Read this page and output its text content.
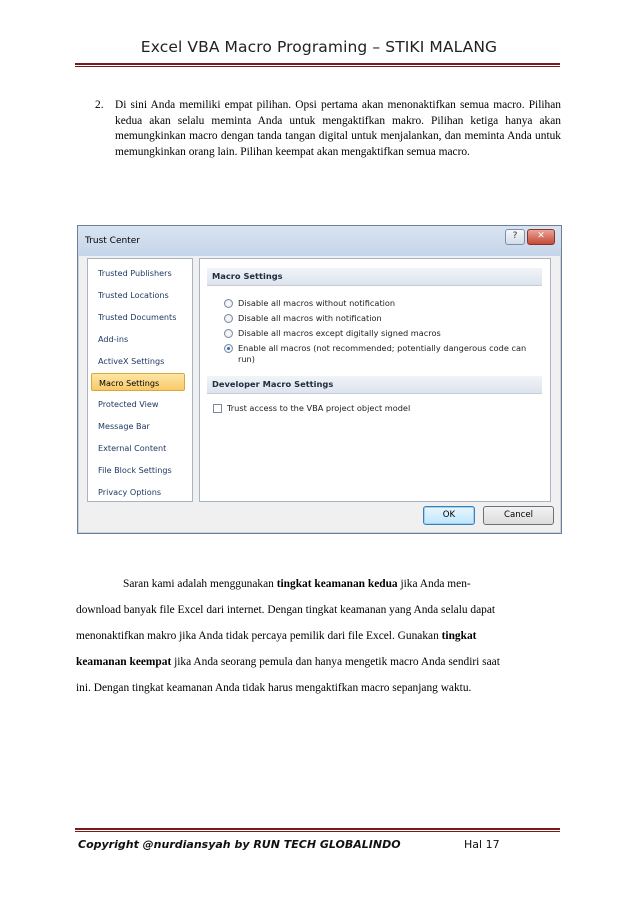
Excel VBA Macro Programing – STIKI MALANG
2. Di sini Anda memiliki empat pilihan. Opsi pertama akan menonaktifkan semua macro. Pilihan kedua akan selalu meminta Anda untuk mengaktifkan makro. Pilihan ketiga hanya akan memungkinkan macro dengan tanda tangan digital untuk menjalankan, dan meminta Anda untuk memungkinkan orang lain. Pilihan keempat akan mengaktifkan semua macro.
Trust Center	?	✕
Trusted Publishers
Trusted Locations
Trusted Documents
Add-ins
ActiveX Settings
Macro Settings
Protected View
Message Bar
External Content
File Block Settings
Privacy Options
Macro Settings
Disable all macros without notification
Disable all macros with notification
Disable all macros except digitally signed macros
Enable all macros (not recommended; potentially dangerous code can run)
Developer Macro Settings
Trust access to the VBA project object model
OK	Cancel
Saran kami adalah menggunakan tingkat keamanan kedua jika Anda men-
download banyak file Excel dari internet. Dengan tingkat keamanan yang Anda selalu dapat
menonaktifkan makro jika Anda tidak percaya pemilik dari file Excel. Gunakan tingkat
keamanan keempat jika Anda seorang pemula dan hanya mengetik macro Anda sendiri saat
ini. Dengan tingkat keamanan Anda tidak harus mengaktifkan macro sepanjang waktu.
Copyright @nurdiansyah by RUN TECH GLOBALINDO	Hal 17
